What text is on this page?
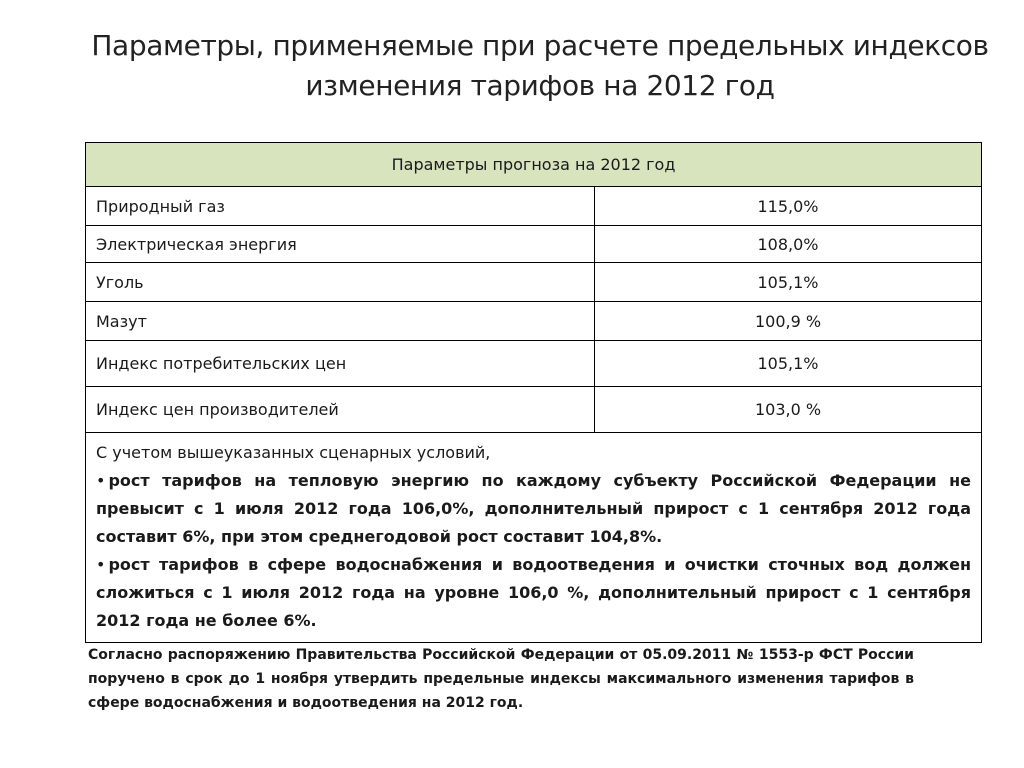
Параметры, применяемые при расчете предельных индексов
изменения тарифов на 2012 год
Параметры прогноза на 2012 год	
Природный газ	115,0%
Электрическая энергия	108,0%
Уголь	105,1%
Мазут	100,9 %
Индекс потребительских цен	105,1%
Индекс цен производителей	103,0 %

С учетом вышеуказанных сценарных условий,
• рост тарифов на тепловую энергию по каждому субъекту Российской Федерации не превысит с 1 июля 2012 года 106,0%, дополнительный прирост с 1 сентября 2012 года составит 6%, при этом среднегодовой рост составит 104,8%.
• рост тарифов в сфере водоснабжения и водоотведения и очистки сточных вод должен сложиться с 1 июля 2012 года на уровне 106,0 %, дополнительный прирост с 1 сентября 2012 года не более 6%.	
Согласно распоряжению Правительства Российской Федерации от 05.09.2011 № 1553-р ФСТ России поручено в срок до 1 ноября утвердить предельные индексы максимального изменения тарифов в сфере водоснабжения и водоотведения на 2012 год.
